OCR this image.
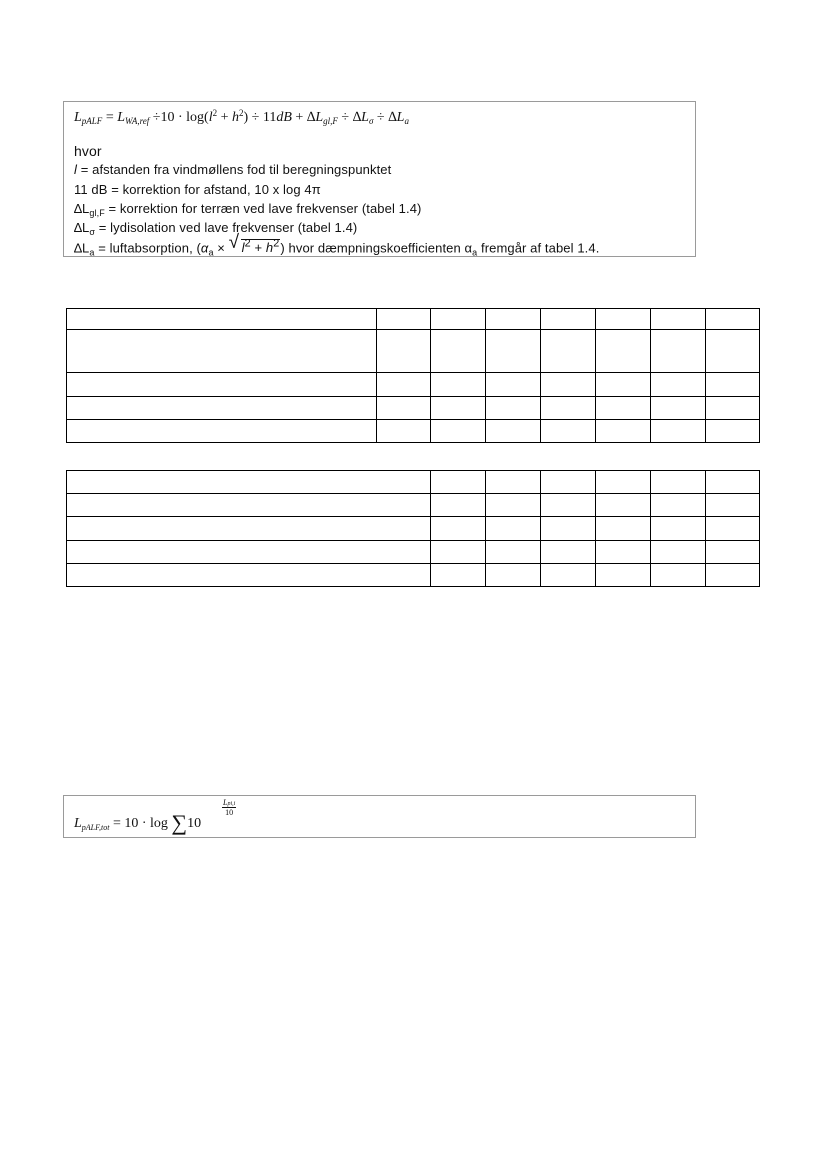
$L_{pALF} = L_{WA,ref} \div 10 \cdot \log(l^2 + h^2) \div 11dB + \Delta L_{gl,F} \div \Delta L_\sigma \div \Delta L_a$
hvor
l = afstanden fra vindmøllens fod til beregningspunktet
11 dB = korrektion for afstand, 10 x log 4π
$\Delta L_{gl,F}$ = korrektion for terræn ved lave frekvenser (tabel 1.4)
$\Delta L_\sigma$ = lydisolation ved lave frekvenser (tabel 1.4)
$\Delta L_a$ = luftabsorption, ($\alpha_a$ × √ $l^2 + h^2$) hvor dæmpningskoefficienten $\alpha_a$ fremgår af tabel 1.4.

$L_{pALF,tot} = 10 \cdot \log \sum 10$
Lpi,i
10
